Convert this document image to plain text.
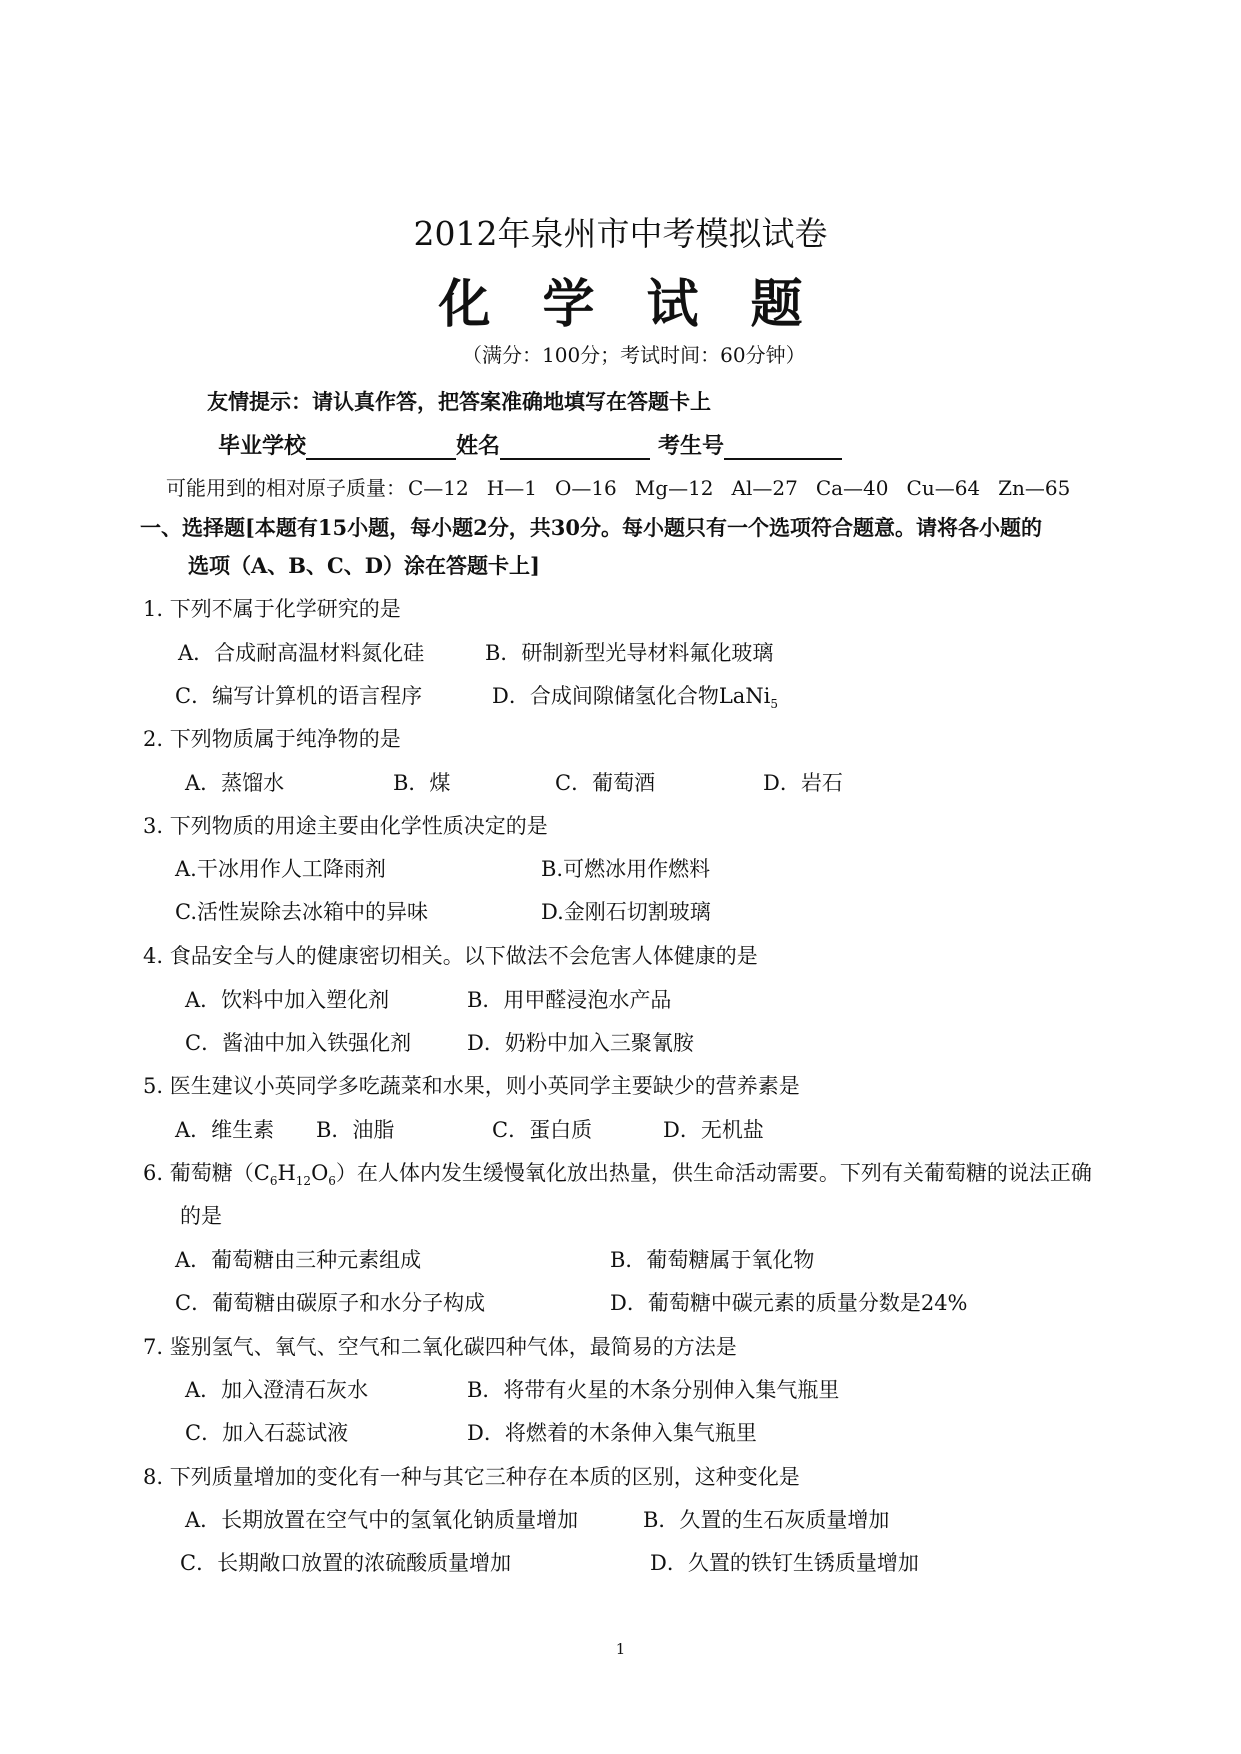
2012年泉州市中考模拟试卷
化学试题
（满分：100分；考试时间：60分钟）
友情提示：请认真作答，把答案准确地填写在答题卡上
毕业学校	姓名	考生号
可能用到的相对原子质量： C—12 H—1 O—16 Mg—12 Al—27 Ca—40 Cu—64 Zn—65
一、选择题[本题有15小题，每小题2分，共30分。每小题只有一个选项符合题意。请将各小题的
选项（A、B、C、D）涂在答题卡上]
1. 下列不属于化学研究的是
A．合成耐高温材料氮化硅	B．研制新型光导材料氟化玻璃
C．编写计算机的语言程序	D．合成间隙储氢化合物LaNi$_5$
2. 下列物质属于纯净物的是
A．蒸馏水	B．煤	C．葡萄酒	D．岩石
3. 下列物质的用途主要由化学性质决定的是
A.干冰用作人工降雨剂	B.可燃冰用作燃料
C.活性炭除去冰箱中的异味	D.金刚石切割玻璃
4. 食品安全与人的健康密切相关。以下做法不会危害人体健康的是
A．饮料中加入塑化剂	B．用甲醛浸泡水产品
C．酱油中加入铁强化剂	D．奶粉中加入三聚氰胺
5. 医生建议小英同学多吃蔬菜和水果，则小英同学主要缺少的营养素是
A．维生素 B．油脂	C．蛋白质	D．无机盐
6. 葡萄糖$(C_6H_{12}O_6)$在人体内发生缓慢氧化放出热量，供生命活动需要。下列有关葡萄糖的说法正确
的是
A．葡萄糖由三种元素组成	B．葡萄糖属于氧化物
C．葡萄糖由碳原子和水分子构成	D．葡萄糖中碳元素的质量分数是24%
7. 鉴别氢气、氧气、空气和二氧化碳四种气体，最简易的方法是
A．加入澄清石灰水	B．将带有火星的木条分别伸入集气瓶里
C．加入石蕊试液	D．将燃着的木条伸入集气瓶里
8. 下列质量增加的变化有一种与其它三种存在本质的区别，这种变化是
A．长期放置在空气中的氢氧化钠质量增加	B．久置的生石灰质量增加
C．长期敞口放置的浓硫酸质量增加	D．久置的铁钉生锈质量增加
1
